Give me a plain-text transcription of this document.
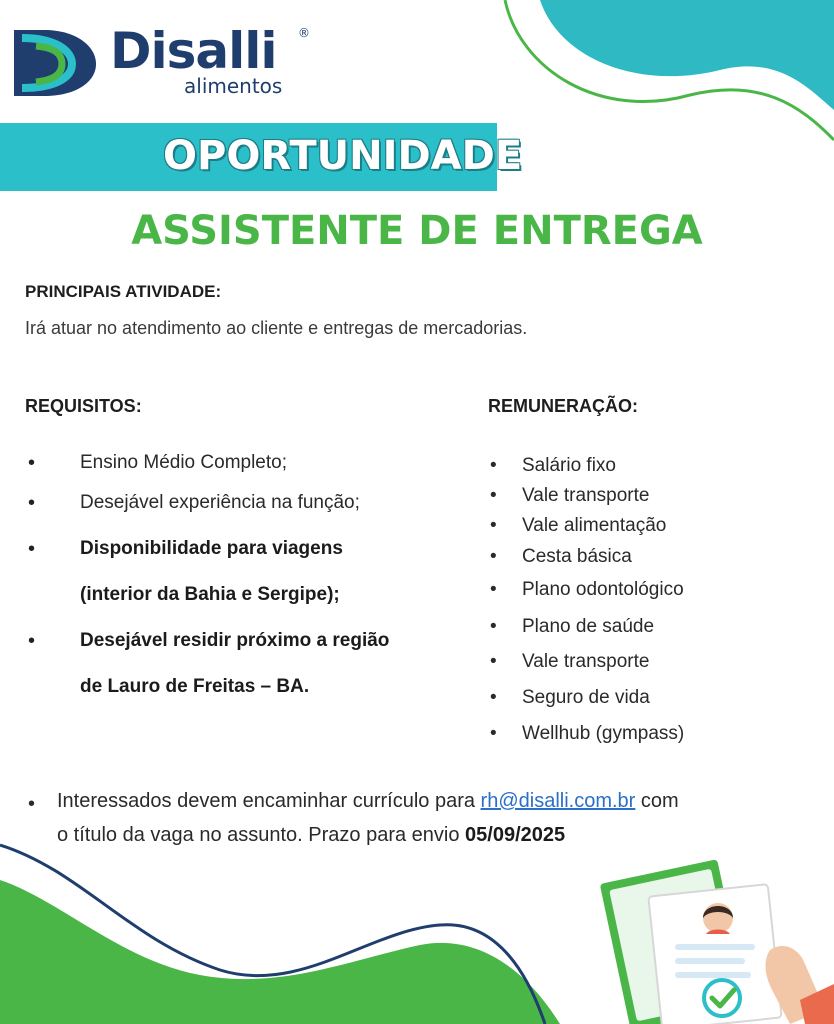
Disalli ®
alimentos
OPORTUNIDADE
ASSISTENTE DE ENTREGA
PRINCIPAIS ATIVIDADE:
Irá atuar no atendimento ao cliente e entregas de mercadorias.
REQUISITOS:	REMUNERAÇÃO:
• Ensino Médio Completo;
• Desejável experiência na função;
• Disponibilidade para viagens
(interior da Bahia e Sergipe);
• Desejável residir próximo a região
de Lauro de Freitas – BA.
• Salário fixo
• Vale transporte
• Vale alimentação
• Cesta básica
• Plano odontológico
• Plano de saúde
• Vale transporte
• Seguro de vida
• Wellhub (gympass)
• Interessados devem encaminhar currículo para rh@disalli.com.br com
o título da vaga no assunto. Prazo para envio 05/09/2025
